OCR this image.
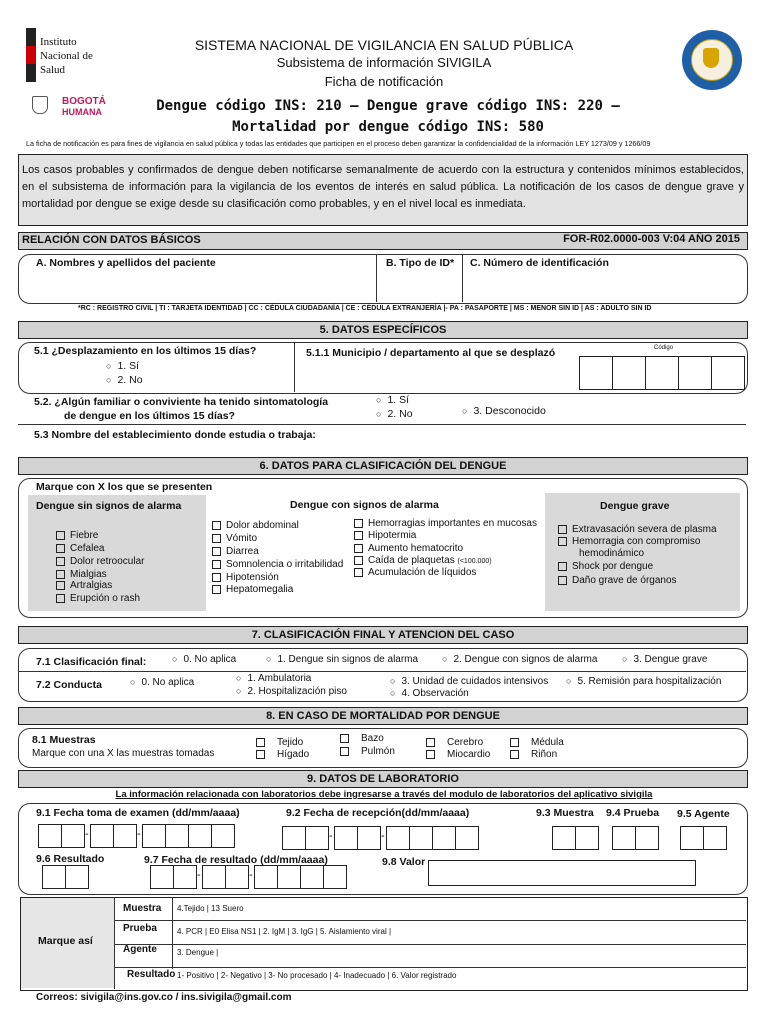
Instituto
Nacional de
Salud
BOGOTÁ
HUMANA
SISTEMA NACIONAL DE VIGILANCIA EN SALUD PÚBLICA
Subsistema de información SIVIGILA
Ficha de notificación
Dengue código INS: 210 – Dengue grave código INS: 220 –
Mortalidad por dengue código INS: 580
La ficha de notificación es para fines de vigilancia en salud pública y todas las entidades que participen en el proceso deben garantizar la confidencialidad de la información LEY 1273/09 y 1266/09
Los casos probables y confirmados de dengue deben notificarse semanalmente de acuerdo con la estructura y contenidos mínimos establecidos, en el subsistema de información para la vigilancia de los eventos de interés en salud pública. La notificación de los casos de dengue grave y mortalidad por dengue se exige desde su clasificación como probables, y en el nivel local es inmediata.
RELACIÓN CON DATOS BÁSICOS	FOR-R02.0000-003 V:04 AÑO 2015
A. Nombres y apellidos del paciente	B. Tipo de ID* C. Número de identificación
*RC : REGISTRO CIVIL | TI : TARJETA IDENTIDAD | CC : CÉDULA CIUDADANÍA | CE : CÉDULA EXTRANJERÍA |- PA : PASAPORTE | MS : MENOR SIN ID | AS : ADULTO SIN ID
5. DATOS ESPECÍFICOS
5.1 ¿Desplazamiento en los últimos 15 días?
○ 1. Sí
○ 2. No
5.1.1 Municipio / departamento al que se desplazó	Código
5.2. ¿Algún familiar o conviviente ha tenido sintomatología
de dengue en los últimos 15 días?
○ 1. Sí
○ 2. No	○ 3. Desconocido
5.3 Nombre del establecimiento donde estudia o trabaja:
6. DATOS PARA CLASIFICACIÓN DEL DENGUE
Marque con X los que se presenten
Dengue sin signos de alarma
Fiebre
Cefalea
Dolor retroocular
Mialgias
Artralgias
Erupción o rash
Dengue con signos de alarma
Dolor abdominal
Vómito
Diarrea
Somnolencia o irritabilidad
Hipotensión
Hepatomegalia
Hemorragias importantes en mucosas
Hipotermia
Aumento hematocrito
Caída de plaquetas (<100.000)
Acumulación de líquidos
Dengue grave
Extravasación severa de plasma
Hemorragia con compromiso
hemodinámico
Shock por dengue
Daño grave de órganos
7. CLASIFICACIÓN FINAL Y ATENCION DEL CASO
7.1 Clasificación final:	○ 0. No aplica	○ 1. Dengue sin signos de alarma	○ 2. Dengue con signos de alarma	○ 3. Dengue grave
7.2 Conducta	○ 0. No aplica	○ 1. Ambulatoria
○ 2. Hospitalización piso
○ 3. Unidad de cuidados intensivos
○ 4. Observación
○ 5. Remisión para hospitalización
8. EN CASO DE MORTALIDAD POR DENGUE
8.1 Muestras
Marque con una X las muestras tomadas
Tejido
Hígado
Bazo
Pulmón
Cerebro
Miocardio
Médula
Riñon
9. DATOS DE LABORATORIO
La información relacionada con laboratorios debe ingresarse a través del modulo de laboratorios del aplicativo sivigila
9.1 Fecha toma de examen (dd/mm/aaaa)	9.2 Fecha de recepción(dd/mm/aaaa)	9.3 Muestra 9.4 Prueba 9.5 Agente
-	-	-	-
-	-
9.6 Resultado	9.7 Fecha de resultado (dd/mm/aaaa)	9.8 Valor
Marque así
Muestra 4.Tejido | 13 Suero
Prueba	4. PCR | E0 Elisa NS1 | 2. IgM | 3. IgG | 5. Aislamiento viral |
Agente	3. Dengue |
Resultado 1- Positivo | 2- Negativo | 3- No procesado | 4- Inadecuado | 6. Valor registrado
Correos: sivigila@ins.gov.co / ins.sivigila@gmail.com
